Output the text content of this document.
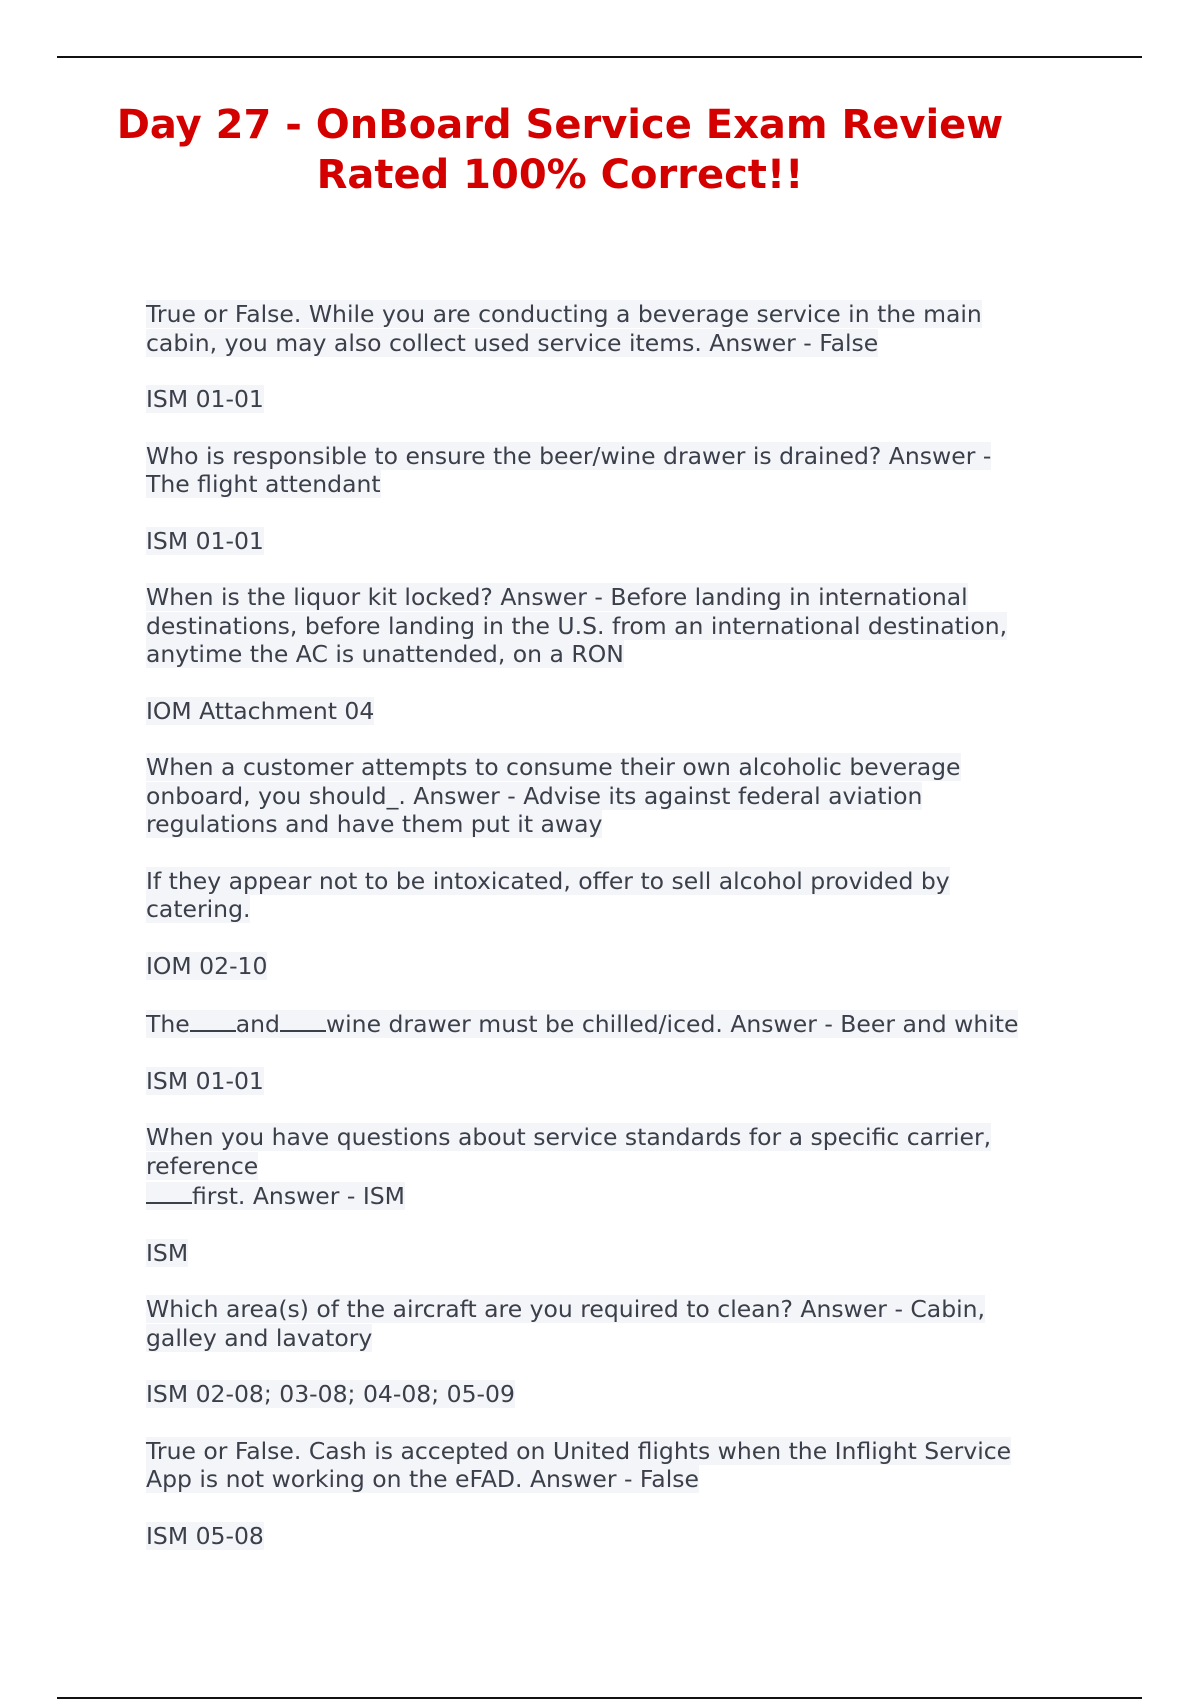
Day 27 - OnBoard Service Exam Review
Rated 100% Correct!!

True or False. While you are conducting a beverage service in the main
cabin, you may also collect used service items. Answer - False

ISM 01-01

Who is responsible to ensure the beer/wine drawer is drained? Answer -
The flight attendant

ISM 01-01

When is the liquor kit locked? Answer - Before landing in international
destinations, before landing in the U.S. from an international destination,
anytime the AC is unattended, on a RON

IOM Attachment 04

When a customer attempts to consume their own alcoholic beverage
onboard, you should_. Answer - Advise its against federal aviation
regulations and have them put it away

If they appear not to be intoxicated, offer to sell alcohol provided by
catering.

IOM 02-10

The and wine drawer must be chilled/iced. Answer - Beer and white

ISM 01-01

When you have questions about service standards for a specific carrier,
reference
first. Answer - ISM

ISM

Which area(s) of the aircraft are you required to clean? Answer - Cabin,
galley and lavatory

ISM 02-08; 03-08; 04-08; 05-09

True or False. Cash is accepted on United flights when the Inflight Service
App is not working on the eFAD. Answer - False

ISM 05-08
